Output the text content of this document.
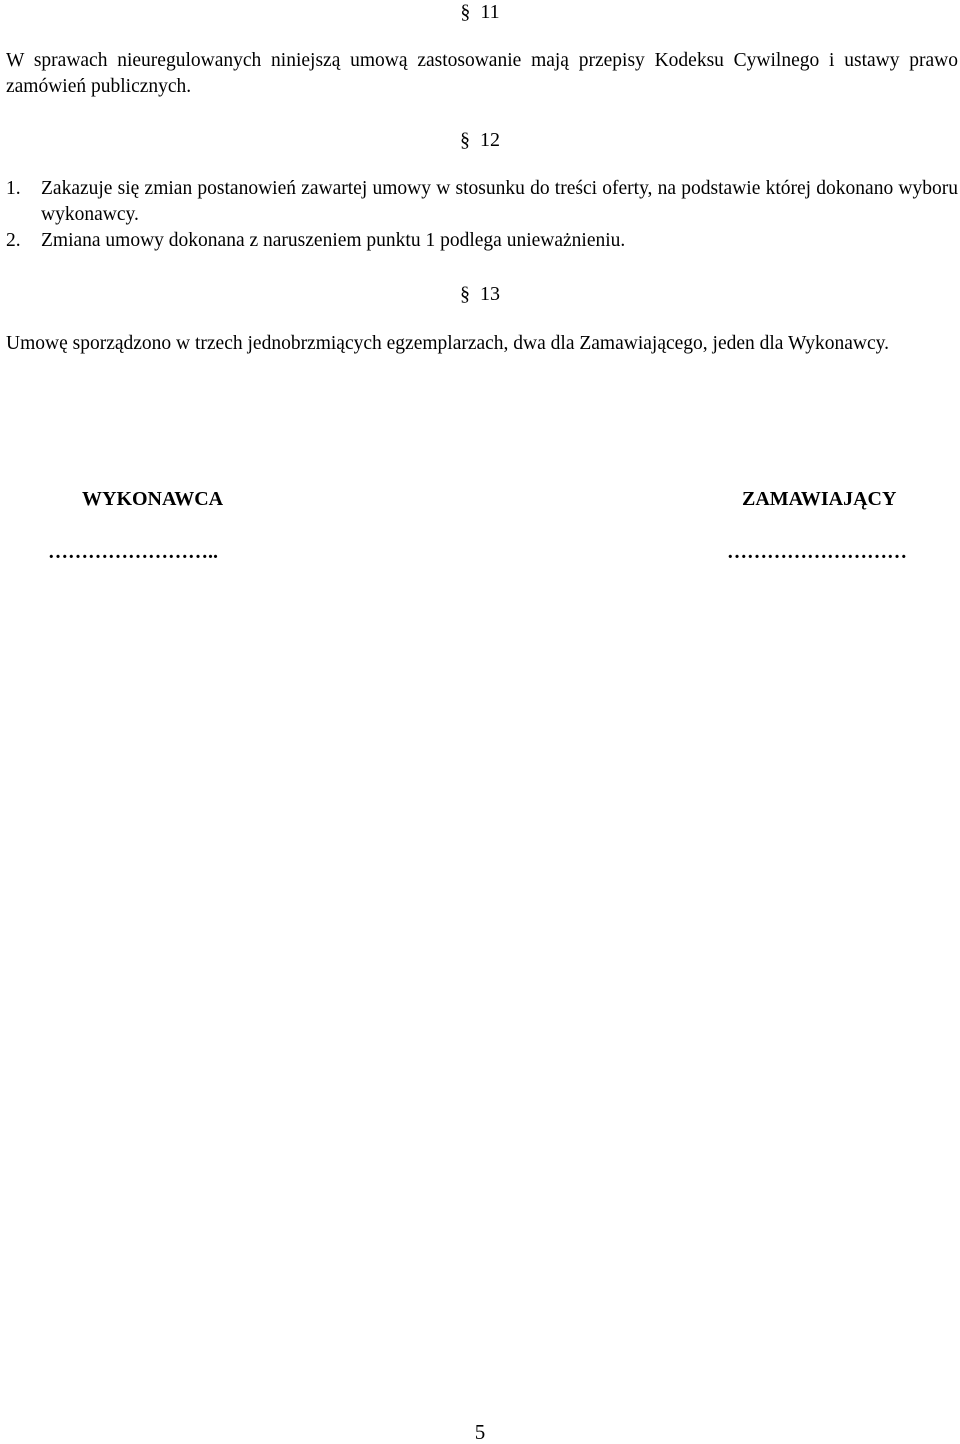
§ 11
W sprawach nieuregulowanych niniejszą umową zastosowanie mają przepisy Kodeksu Cywilnego i ustawy prawo zamówień publicznych.
§ 12
1. Zakazuje się zmian postanowień zawartej umowy w stosunku do treści oferty, na podstawie której dokonano wyboru wykonawcy.
2. Zmiana umowy dokonana z naruszeniem punktu 1 podlega unieważnieniu.
§ 13
Umowę sporządzono w trzech jednobrzmiących egzemplarzach, dwa dla Zamawiającego, jeden dla Wykonawcy.
WYKONAWCA	ZAMAWIAJĄCY
……………………..	………………………
5
